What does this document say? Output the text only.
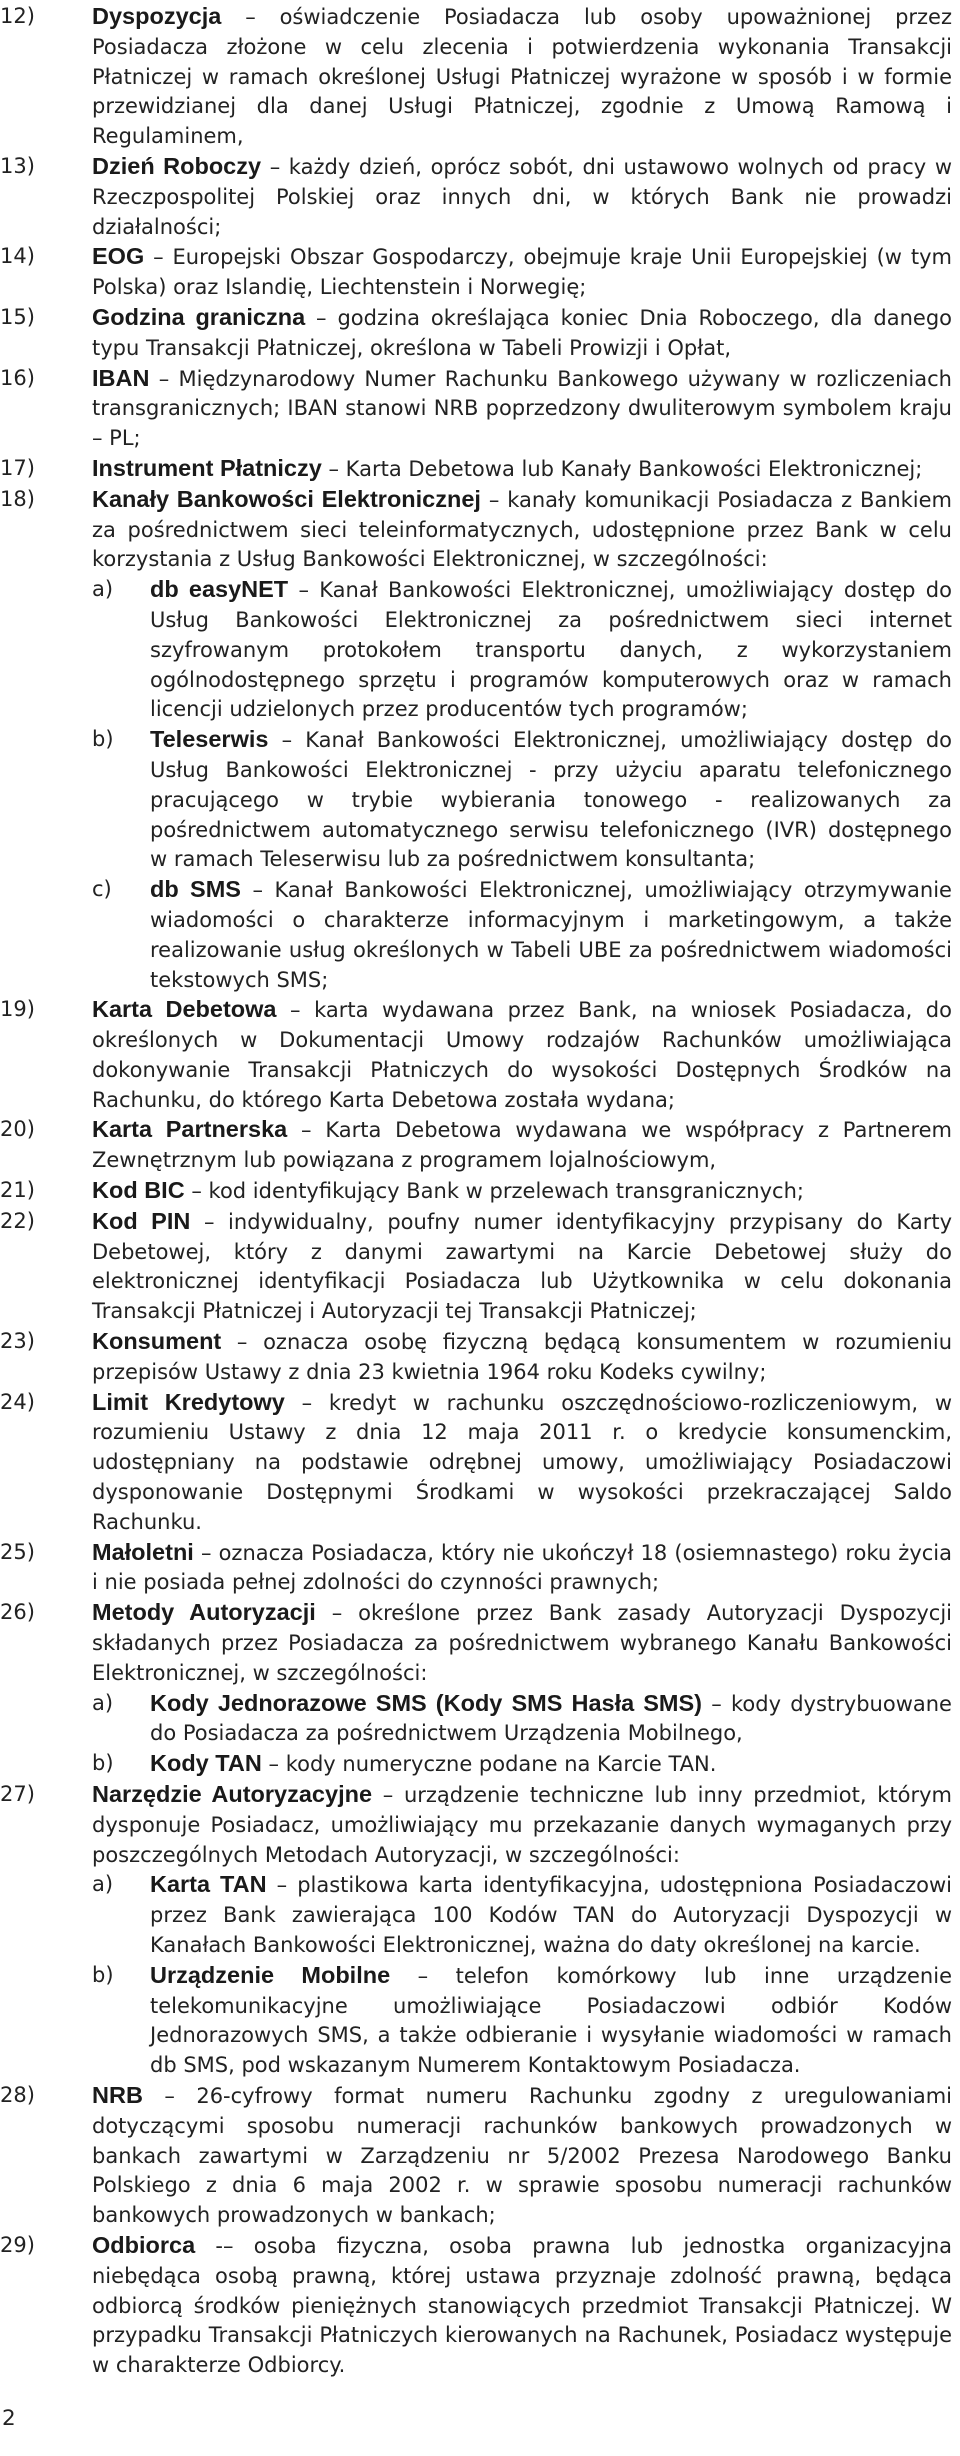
12)	Dyspozycja – oświadczenie Posiadacza lub osoby upoważnionej przez Posiadacza złożone w celu zlecenia i potwierdzenia wykonania Transakcji Płatniczej w ramach określonej Usługi Płatniczej wyrażone w sposób i w formie przewidzianej dla danej Usługi Płatniczej, zgodnie z Umową Ramową i Regulaminem,
13)	Dzień Roboczy – każdy dzień, oprócz sobót, dni ustawowo wolnych od pracy w Rzeczpospolitej Polskiej oraz innych dni, w których Bank nie prowadzi działalności;
14)	EOG – Europejski Obszar Gospodarczy, obejmuje kraje Unii Europejskiej (w tym Polska) oraz Islandię, Liechtenstein i Norwegię;
15)	Godzina graniczna – godzina określająca koniec Dnia Roboczego, dla danego typu Transakcji Płatniczej, określona w Tabeli Prowizji i Opłat,
16)	IBAN – Międzynarodowy Numer Rachunku Bankowego używany w rozliczeniach transgranicznych; IBAN stanowi NRB poprzedzony dwuliterowym symbolem kraju – PL;
17)	Instrument Płatniczy – Karta Debetowa lub Kanały Bankowości Elektronicznej;
18)	Kanały Bankowości Elektronicznej – kanały komunikacji Posiadacza z Bankiem za pośrednictwem sieci teleinformatycznych, udostępnione przez Bank w celu korzystania z Usług Bankowości Elektronicznej, w szczególności:
a)	db easyNET – Kanał Bankowości Elektronicznej, umożliwiający dostęp do Usług Bankowości Elektronicznej za pośrednictwem sieci internet szyfrowanym protokołem transportu danych, z wykorzystaniem ogólnodostępnego sprzętu i programów komputerowych oraz w ramach licencji udzielonych przez producentów tych programów;
b)	Teleserwis – Kanał Bankowości Elektronicznej, umożliwiający dostęp do Usług Bankowości Elektronicznej - przy użyciu aparatu telefonicznego pracującego w trybie wybierania tonowego - realizowanych za pośrednictwem automatycznego serwisu telefonicznego (IVR) dostępnego w ramach Teleserwisu lub za pośrednictwem konsultanta;
c)	db SMS – Kanał Bankowości Elektronicznej, umożliwiający otrzymywanie wiadomości o charakterze informacyjnym i marketingowym, a także realizowanie usług określonych w Tabeli UBE za pośrednictwem wiadomości tekstowych SMS;
19)	Karta Debetowa – karta wydawana przez Bank, na wniosek Posiadacza, do określonych w Dokumentacji Umowy rodzajów Rachunków umożliwiająca dokonywanie Transakcji Płatniczych do wysokości Dostępnych Środków na Rachunku, do którego Karta Debetowa została wydana;
20)	Karta Partnerska – Karta Debetowa wydawana we współpracy z Partnerem Zewnętrznym lub powiązana z programem lojalnościowym,
21)	Kod BIC – kod identyfikujący Bank w przelewach transgranicznych;
22)	Kod PIN – indywidualny, poufny numer identyfikacyjny przypisany do Karty Debetowej, który z danymi zawartymi na Karcie Debetowej służy do elektronicznej identyfikacji Posiadacza lub Użytkownika w celu dokonania Transakcji Płatniczej i Autoryzacji tej Transakcji Płatniczej;
23)	Konsument – oznacza osobę fizyczną będącą konsumentem w rozumieniu przepisów Ustawy z dnia 23 kwietnia 1964 roku Kodeks cywilny;
24)	Limit Kredytowy – kredyt w rachunku oszczędnościowo-rozliczeniowym, w rozumieniu Ustawy z dnia 12 maja 2011 r. o kredycie konsumenckim, udostępniany na podstawie odrębnej umowy, umożliwiający Posiadaczowi dysponowanie Dostępnymi Środkami w wysokości przekraczającej Saldo Rachunku.
25)	Małoletni – oznacza Posiadacza, który nie ukończył 18 (osiemnastego) roku życia i nie posiada pełnej zdolności do czynności prawnych;
26)	Metody Autoryzacji – określone przez Bank zasady Autoryzacji Dyspozycji składanych przez Posiadacza za pośrednictwem wybranego Kanału Bankowości Elektronicznej, w szczególności:
a)	Kody Jednorazowe SMS (Kody SMS Hasła SMS) – kody dystrybuowane do Posiadacza za pośrednictwem Urządzenia Mobilnego,
b)	Kody TAN – kody numeryczne podane na Karcie TAN.
27)	Narzędzie Autoryzacyjne – urządzenie techniczne lub inny przedmiot, którym dysponuje Posiadacz, umożliwiający mu przekazanie danych wymaganych przy poszczególnych Metodach Autoryzacji, w szczególności:
a)	Karta TAN – plastikowa karta identyfikacyjna, udostępniona Posiadaczowi przez Bank zawierająca 100 Kodów TAN do Autoryzacji Dyspozycji w Kanałach Bankowości Elektronicznej, ważna do daty określonej na karcie.
b)	Urządzenie Mobilne – telefon komórkowy lub inne urządzenie telekomunikacyjne umożliwiające Posiadaczowi odbiór Kodów Jednorazowych SMS, a także odbieranie i wysyłanie wiadomości w ramach db SMS, pod wskazanym Numerem Kontaktowym Posiadacza.
28)	NRB – 26-cyfrowy format numeru Rachunku zgodny z uregulowaniami dotyczącymi sposobu numeracji rachunków bankowych prowadzonych w bankach zawartymi w Zarządzeniu nr 5/2002 Prezesa Narodowego Banku Polskiego z dnia 6 maja 2002 r. w sprawie sposobu numeracji rachunków bankowych prowadzonych w bankach;
29)	Odbiorca -– osoba fizyczna, osoba prawna lub jednostka organizacyjna niebędąca osobą prawną, której ustawa przyznaje zdolność prawną, będąca odbiorcą środków pieniężnych stanowiących przedmiot Transakcji Płatniczej. W przypadku Transakcji Płatniczych kierowanych na Rachunek, Posiadacz występuje w charakterze Odbiorcy.
2
